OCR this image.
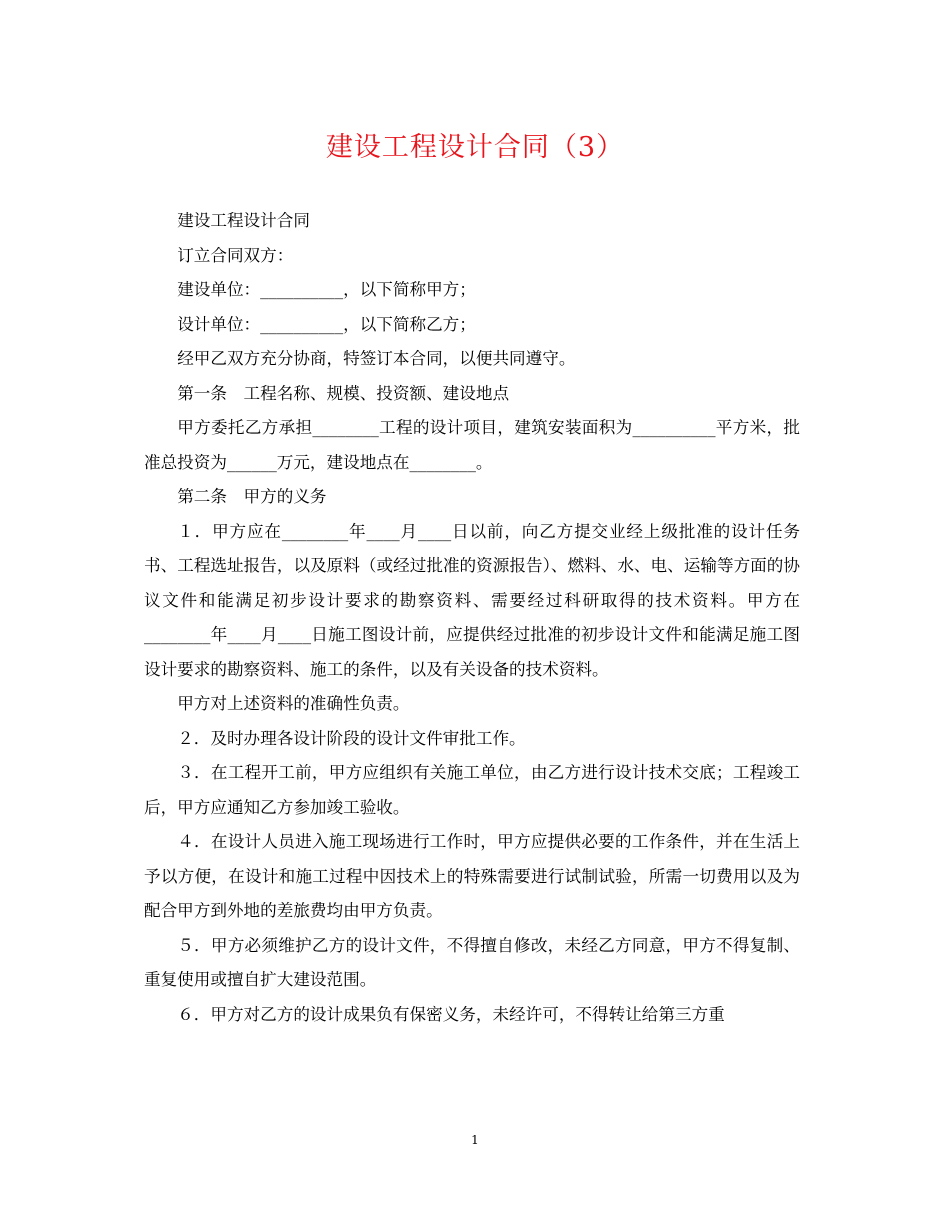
建设工程设计合同（3）

建设工程设计合同

订立合同双方：

建设单位：__________，以下简称甲方；

设计单位：__________，以下简称乙方；

经甲乙双方充分协商，特签订本合同，以便共同遵守。

第一条　工程名称、规模、投资额、建设地点

甲方委托乙方承担________工程的设计项目，建筑安装面积为__________平方米，批准总投资为______万元，建设地点在________。

第二条　甲方的义务

１．甲方应在________年____月____日以前，向乙方提交业经上级批准的设计任务书、工程选址报告，以及原料（或经过批准的资源报告）、燃料、水、电、运输等方面的协议文件和能满足初步设计要求的勘察资料、需要经过科研取得的技术资料。甲方在________年____月____日施工图设计前，应提供经过批准的初步设计文件和能满足施工图设计要求的勘察资料、施工的条件，以及有关设备的技术资料。

甲方对上述资料的准确性负责。

２．及时办理各设计阶段的设计文件审批工作。

３．在工程开工前，甲方应组织有关施工单位，由乙方进行设计技术交底；工程竣工后，甲方应通知乙方参加竣工验收。

４．在设计人员进入施工现场进行工作时，甲方应提供必要的工作条件，并在生活上予以方便，在设计和施工过程中因技术上的特殊需要进行试制试验，所需一切费用以及为配合甲方到外地的差旅费均由甲方负责。

５．甲方必须维护乙方的设计文件，不得擅自修改，未经乙方同意，甲方不得复制、重复使用或擅自扩大建设范围。

６．甲方对乙方的设计成果负有保密义务，未经许可，不得转让给第三方重

1
